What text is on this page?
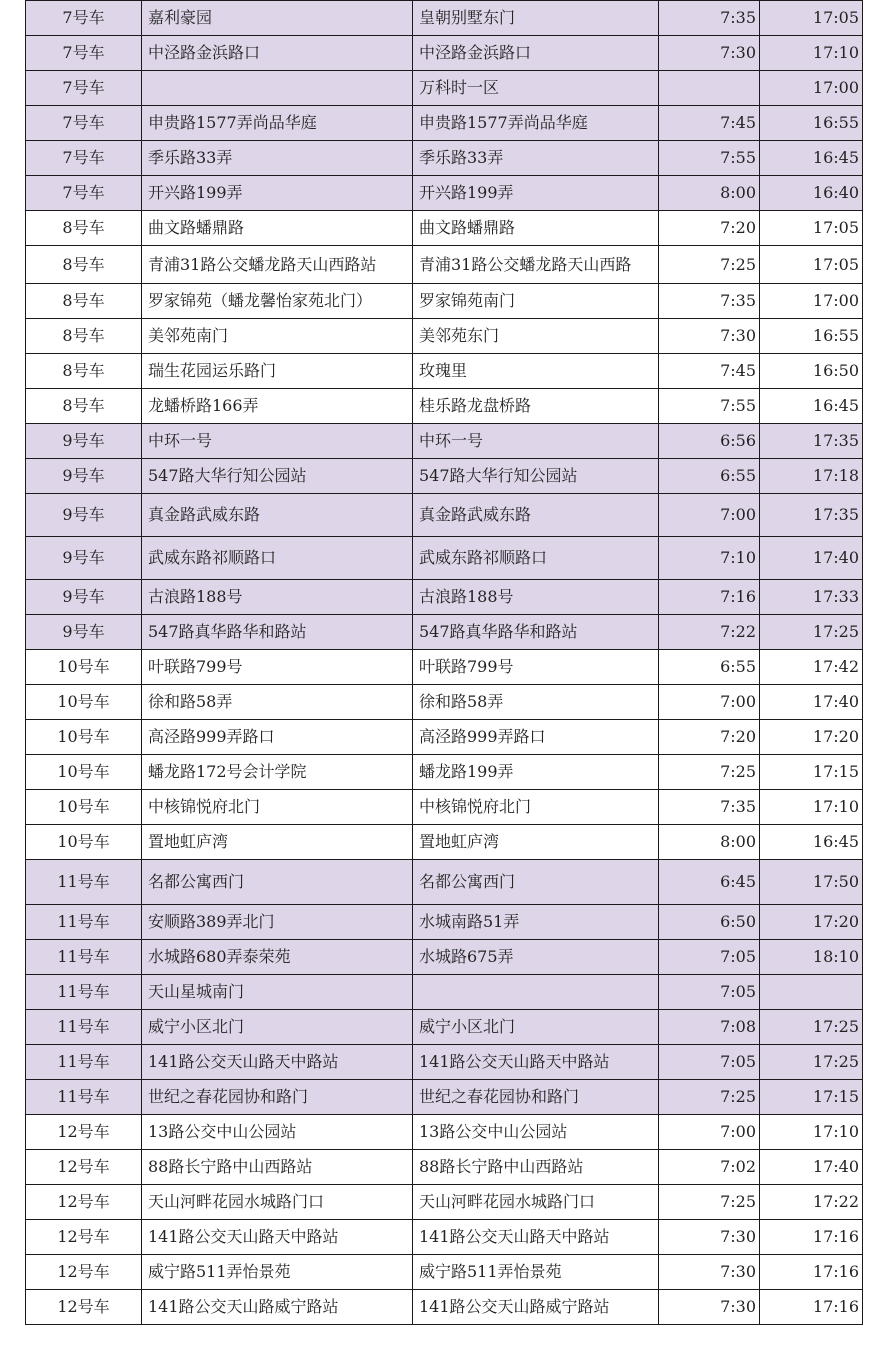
7号车	嘉利豪园	皇朝别墅东门	7:35	17:05
7号车	中泾路金浜路口	中泾路金浜路口	7:30	17:10
7号车		万科时一区		17:00
7号车	申贵路1577弄尚品华庭	申贵路1577弄尚品华庭	7:45	16:55
7号车	季乐路33弄	季乐路33弄	7:55	16:45
7号车	开兴路199弄	开兴路199弄	8:00	16:40
8号车	曲文路蟠鼎路	曲文路蟠鼎路	7:20	17:05
8号车	青浦31路公交蟠龙路天山西路站	青浦31路公交蟠龙路天山西路	7:25	17:05
8号车	罗家锦苑（蟠龙馨怡家苑北门）	罗家锦苑南门	7:35	17:00
8号车	美邻苑南门	美邻苑东门	7:30	16:55
8号车	瑞生花园运乐路门	玫瑰里	7:45	16:50
8号车	龙蟠桥路166弄	桂乐路龙盘桥路	7:55	16:45
9号车	中环一号	中环一号	6:56	17:35
9号车	547路大华行知公园站	547路大华行知公园站	6:55	17:18
9号车	真金路武威东路	真金路武威东路	7:00	17:35
9号车	武威东路祁顺路口	武威东路祁顺路口	7:10	17:40
9号车	古浪路188号	古浪路188号	7:16	17:33
9号车	547路真华路华和路站	547路真华路华和路站	7:22	17:25
10号车	叶联路799号	叶联路799号	6:55	17:42
10号车	徐和路58弄	徐和路58弄	7:00	17:40
10号车	高泾路999弄路口	高泾路999弄路口	7:20	17:20
10号车	蟠龙路172号会计学院	蟠龙路199弄	7:25	17:15
10号车	中核锦悦府北门	中核锦悦府北门	7:35	17:10
10号车	置地虹庐湾	置地虹庐湾	8:00	16:45
11号车	名都公寓西门	名都公寓西门	6:45	17:50
11号车	安顺路389弄北门	水城南路51弄	6:50	17:20
11号车	水城路680弄泰荣苑	水城路675弄	7:05	18:10
11号车	天山星城南门		7:05	
11号车	威宁小区北门	威宁小区北门	7:08	17:25
11号车	141路公交天山路天中路站	141路公交天山路天中路站	7:05	17:25
11号车	世纪之春花园协和路门	世纪之春花园协和路门	7:25	17:15
12号车	13路公交中山公园站	13路公交中山公园站	7:00	17:10
12号车	88路长宁路中山西路站	88路长宁路中山西路站	7:02	17:40
12号车	天山河畔花园水城路门口	天山河畔花园水城路门口	7:25	17:22
12号车	141路公交天山路天中路站	141路公交天山路天中路站	7:30	17:16
12号车	威宁路511弄怡景苑	威宁路511弄怡景苑	7:30	17:16
12号车	141路公交天山路威宁路站	141路公交天山路威宁路站	7:30	17:16
